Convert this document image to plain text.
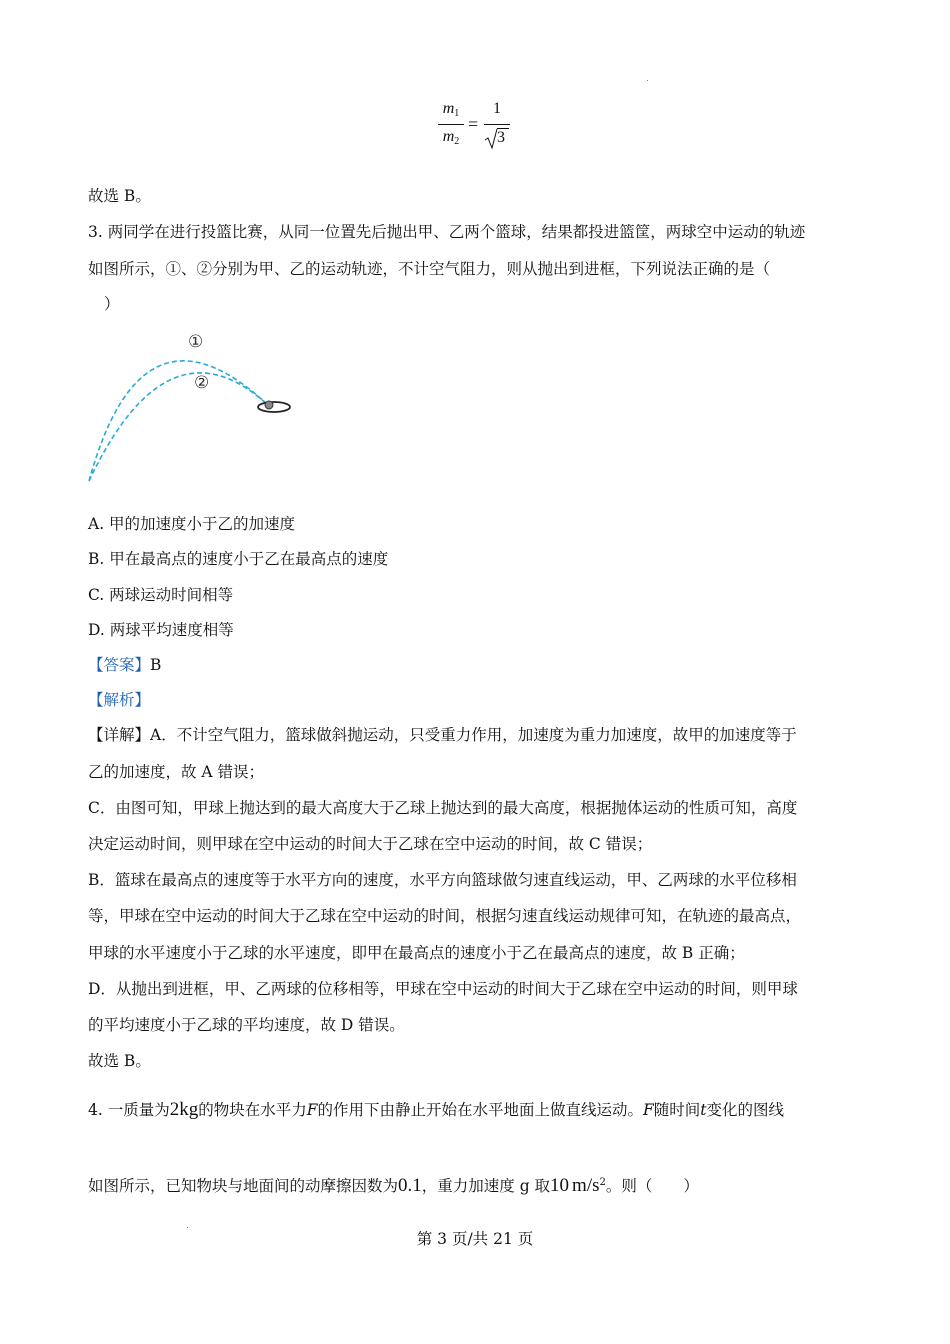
$m_1$
$m_2$
=
1
3
故选 B。
3. 两同学在进行投篮比赛，从同一位置先后抛出甲、乙两个篮球，结果都投进篮筐，两球空中运动的轨迹
如图所示，①、②分别为甲、乙的运动轨迹，不计空气阻力，则从抛出到进框，下列说法正确的是（
）
①
②
A. 甲的加速度小于乙的加速度
B. 甲在最高点的速度小于乙在最高点的速度
C. 两球运动时间相等
D. 两球平均速度相等
【答案】B
【解析】
【详解】A．不计空气阻力，篮球做斜抛运动，只受重力作用，加速度为重力加速度，故甲的加速度等于
乙的加速度，故 A 错误；
C．由图可知，甲球上抛达到的最大高度大于乙球上抛达到的最大高度，根据抛体运动的性质可知，高度
决定运动时间，则甲球在空中运动的时间大于乙球在空中运动的时间，故 C 错误；
B．篮球在最高点的速度等于水平方向的速度，水平方向篮球做匀速直线运动，甲、乙两球的水平位移相
等，甲球在空中运动的时间大于乙球在空中运动的时间，根据匀速直线运动规律可知，在轨迹的最高点，
甲球的水平速度小于乙球的水平速度，即甲在最高点的速度小于乙在最高点的速度，故 B 正确；
D．从抛出到进框，甲、乙两球的位移相等，甲球在空中运动的时间大于乙球在空中运动的时间，则甲球
的平均速度小于乙球的平均速度，故 D 错误。
故选 B。
4. 一质量为2kg的物块在水平力F的作用下由静止开始在水平地面上做直线运动。F随时间t变化的图线
如图所示，已知物块与地面间的动摩擦因数为0.1，重力加速度 g 取10 $m/s^2$。则（　　）
第 3 页/共 21 页
